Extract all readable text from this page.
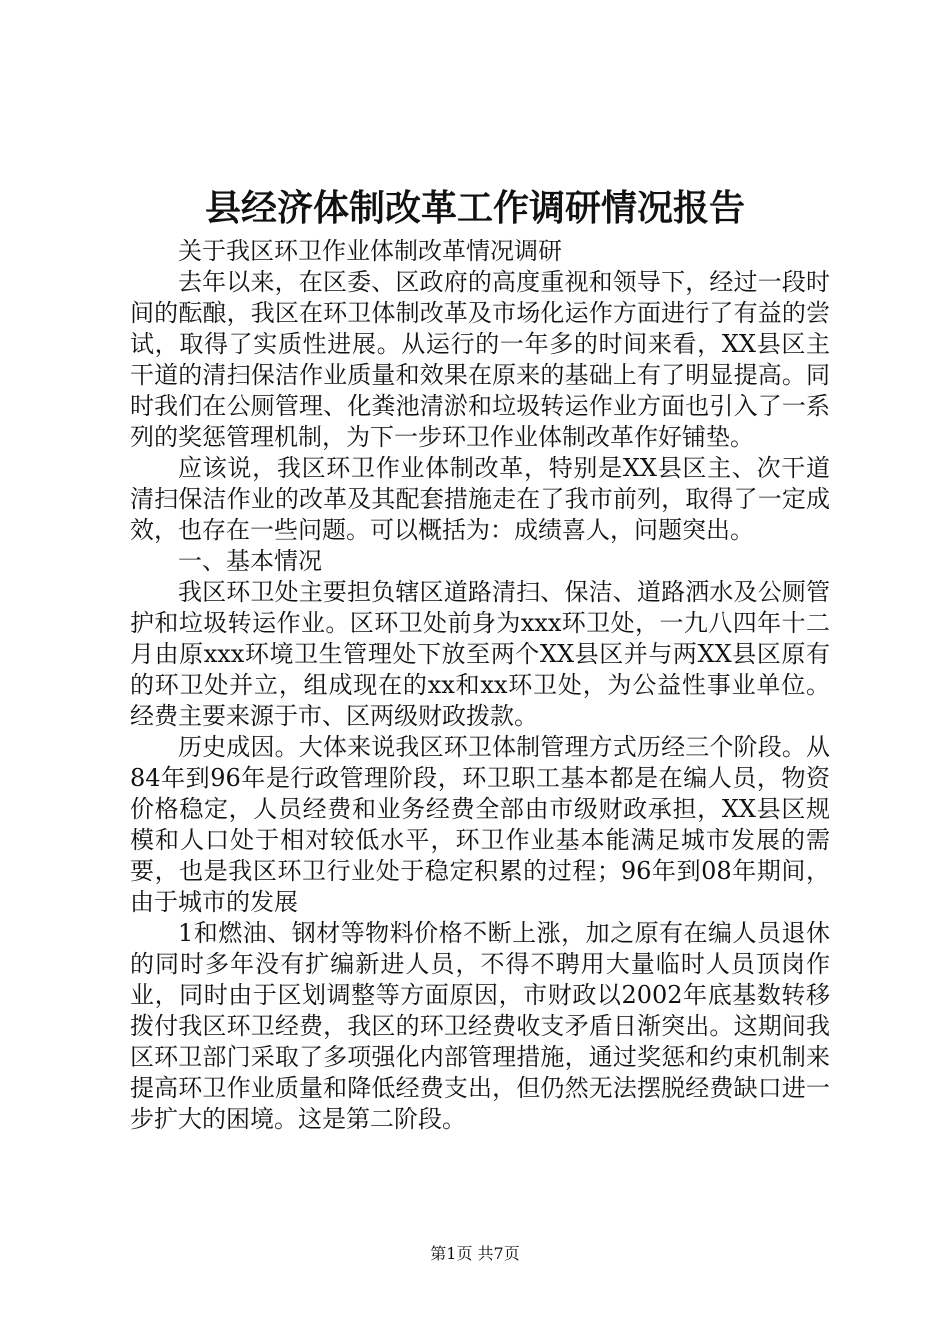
县经济体制改革工作调研情况报告

关于我区环卫作业体制改革情况调研

去年以来，在区委、区政府的高度重视和领导下，经过一段时间的酝酿，我区在环卫体制改革及市场化运作方面进行了有益的尝试，取得了实质性进展。从运行的一年多的时间来看，XX县区主干道的清扫保洁作业质量和效果在原来的基础上有了明显提高。同时我们在公厕管理、化粪池清淤和垃圾转运作业方面也引入了一系列的奖惩管理机制，为下一步环卫作业体制改革作好铺垫。

应该说，我区环卫作业体制改革，特别是XX县区主、次干道清扫保洁作业的改革及其配套措施走在了我市前列，取得了一定成效，也存在一些问题。可以概括为：成绩喜人，问题突出。

一、基本情况

我区环卫处主要担负辖区道路清扫、保洁、道路洒水及公厕管护和垃圾转运作业。区环卫处前身为xxx环卫处，一九八四年十二月由原xxx环境卫生管理处下放至两个XX县区并与两XX县区原有的环卫处并立，组成现在的xx和xx环卫处，为公益性事业单位。经费主要来源于市、区两级财政拨款。

历史成因。大体来说我区环卫体制管理方式历经三个阶段。从84年到96年是行政管理阶段，环卫职工基本都是在编人员，物资价格稳定，人员经费和业务经费全部由市级财政承担，XX县区规模和人口处于相对较低水平，环卫作业基本能满足城市发展的需要，也是我区环卫行业处于稳定积累的过程；96年到08年期间，由于城市的发展

1和燃油、钢材等物料价格不断上涨，加之原有在编人员退休的同时多年没有扩编新进人员，不得不聘用大量临时人员顶岗作业，同时由于区划调整等方面原因，市财政以2002年底基数转移拨付我区环卫经费，我区的环卫经费收支矛盾日渐突出。这期间我区环卫部门采取了多项强化内部管理措施，通过奖惩和约束机制来提高环卫作业质量和降低经费支出，但仍然无法摆脱经费缺口进一步扩大的困境。这是第二阶段。

第1页 共7页
